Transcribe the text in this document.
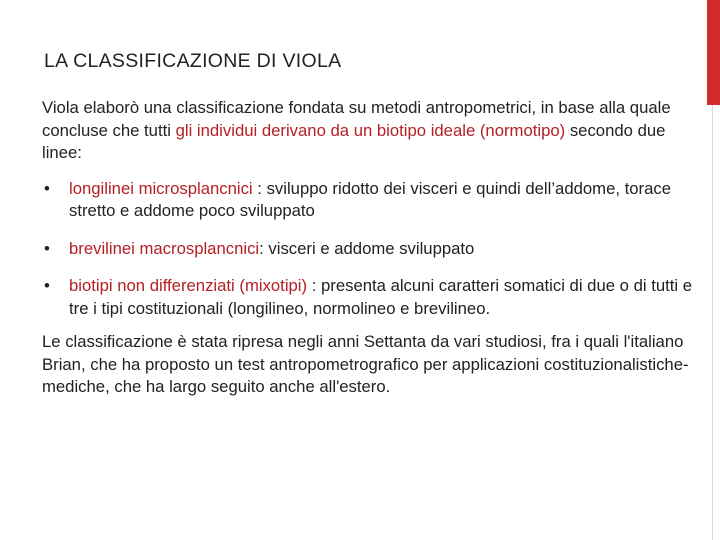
LA CLASSIFICAZIONE DI VIOLA

Viola elaborò una classificazione fondata su metodi antropometrici, in base alla quale concluse che tutti gli individui derivano da un biotipo ideale (normotipo) secondo due linee:

• longilinei microsplancnici : sviluppo ridotto dei visceri e quindi dell’addome, torace stretto e addome poco sviluppato
• brevilinei macrosplancnici: visceri e addome sviluppato
• biotipi non differenziati (mixotipi) : presenta alcuni caratteri somatici di due o di tutti e tre i tipi costituzionali (longilineo, normolineo e brevilineo.

Le classificazione è stata ripresa negli anni Settanta da vari studiosi, fra i quali l'italiano Brian, che ha proposto un test antropometrografico per applicazioni costituzionalistiche-mediche, che ha largo seguito anche all'estero.
